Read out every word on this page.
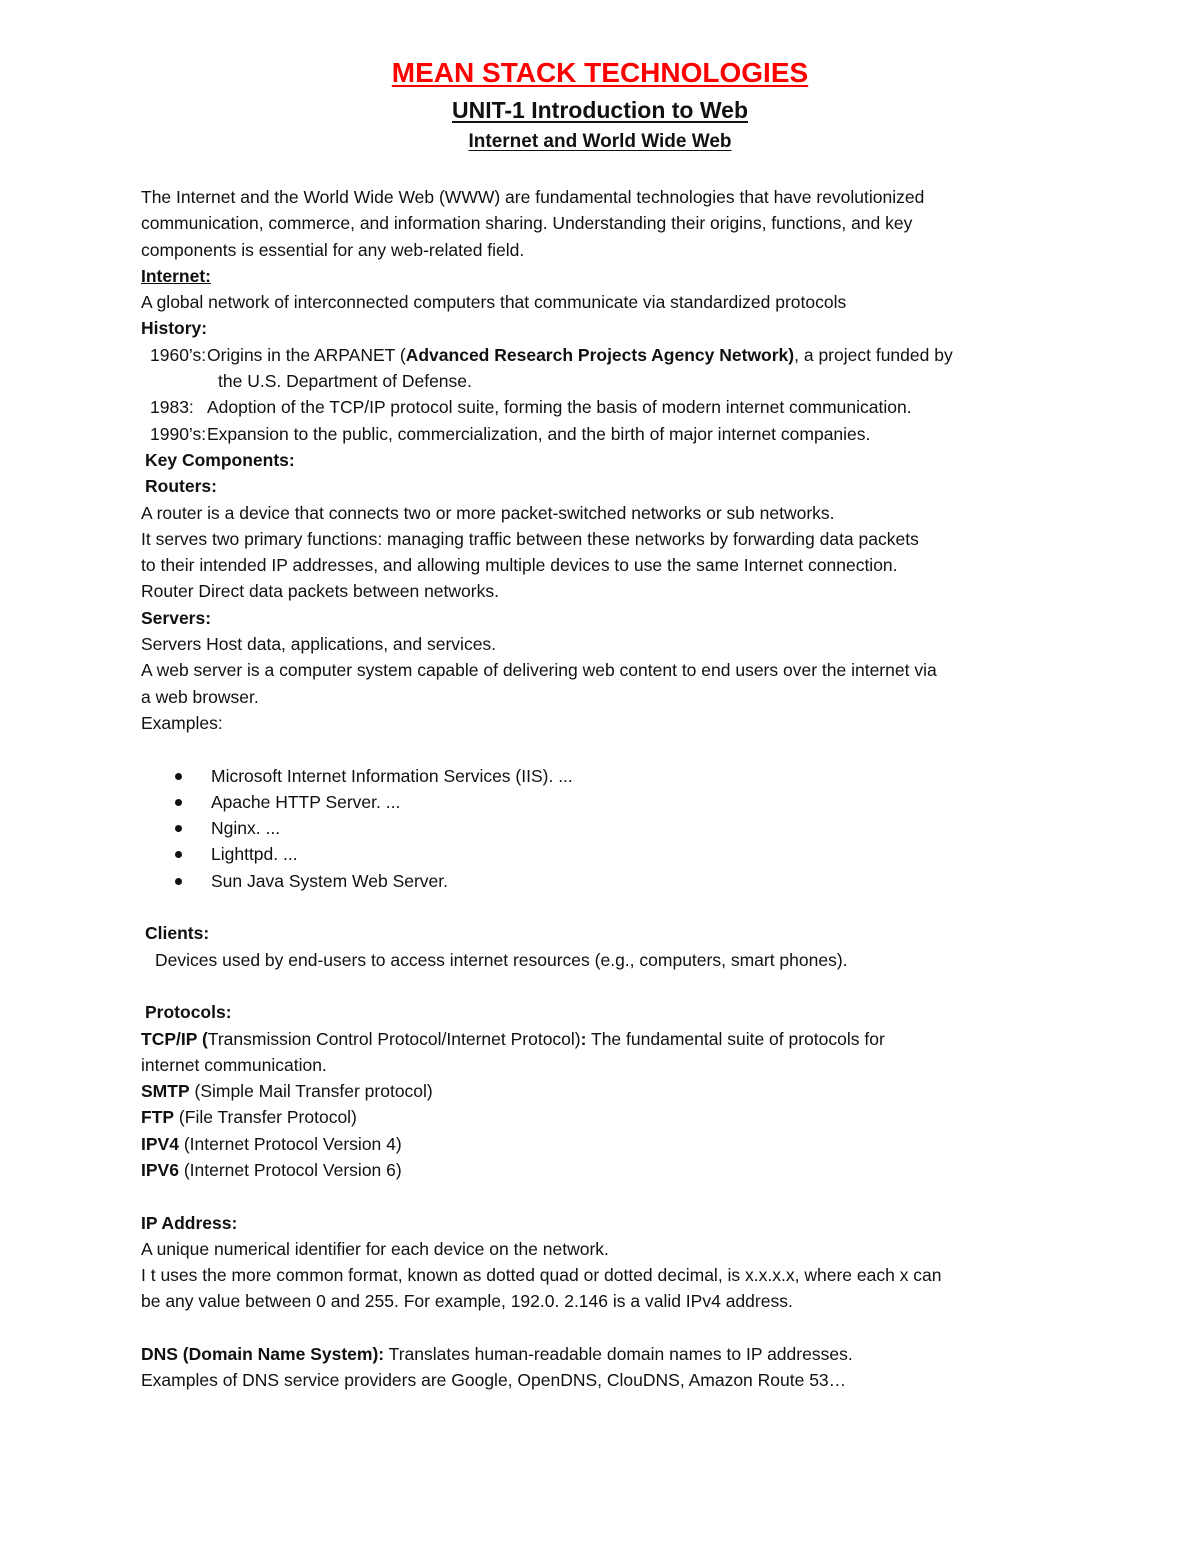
MEAN STACK TECHNOLOGIES
UNIT-1 Introduction to Web
Internet and World Wide Web
The Internet and the World Wide Web (WWW) are fundamental technologies that have revolutionized
communication, commerce, and information sharing. Understanding their origins, functions, and key
components is essential for any web-related field.
Internet:
A global network of interconnected computers that communicate via standardized protocols
History:
1960’s:Origins in the ARPANET (Advanced Research Projects Agency Network), a project funded by
the U.S. Department of Defense.
1983: Adoption of the TCP/IP protocol suite, forming the basis of modern internet communication.
1990’s:Expansion to the public, commercialization, and the birth of major internet companies.
Key Components:
Routers:
A router is a device that connects two or more packet-switched networks or sub networks.
It serves two primary functions: managing traffic between these networks by forwarding data packets
to their intended IP addresses, and allowing multiple devices to use the same Internet connection.
Router Direct data packets between networks.
Servers:
Servers Host data, applications, and services.
A web server is a computer system capable of delivering web content to end users over the internet via
a web browser.
Examples:
Microsoft Internet Information Services (IIS). ...
Apache HTTP Server. ...
Nginx. ...
Lighttpd. ...
Sun Java System Web Server.
Clients:
Devices used by end-users to access internet resources (e.g., computers, smart phones).
Protocols:
TCP/IP (Transmission Control Protocol/Internet Protocol): The fundamental suite of protocols for
internet communication.
SMTP (Simple Mail Transfer protocol)
FTP (File Transfer Protocol)
IPV4 (Internet Protocol Version 4)
IPV6 (Internet Protocol Version 6)
IP Address:
A unique numerical identifier for each device on the network.
I t uses the more common format, known as dotted quad or dotted decimal, is x.x.x.x, where each x can
be any value between 0 and 255. For example, 192.0. 2.146 is a valid IPv4 address.
DNS (Domain Name System): Translates human-readable domain names to IP addresses.
Examples of DNS service providers are Google, OpenDNS, ClouDNS, Amazon Route 53…
